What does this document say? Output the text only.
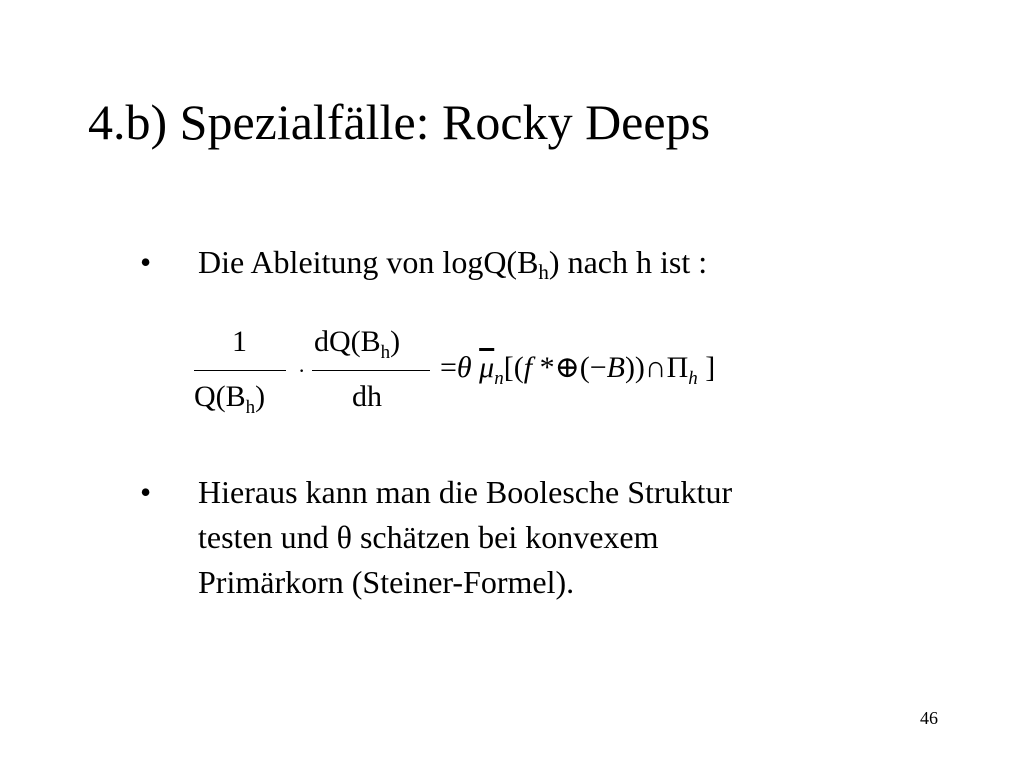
4.b) Spezialfälle: Rocky Deeps
• Die Ableitung von $\log Q(B_h)$ nach h ist :
1
$Q(B_h)$
·
$dQ(B_h)$
dh
=θ $\overline{\mu}_n[(f$ $*\oplus(-B))\cap\Pi_h$ ]
• Hieraus kann man die Boolesche Struktur
testen und θ schätzen bei konvexem
Primärkorn (Steiner-Formel).
46
